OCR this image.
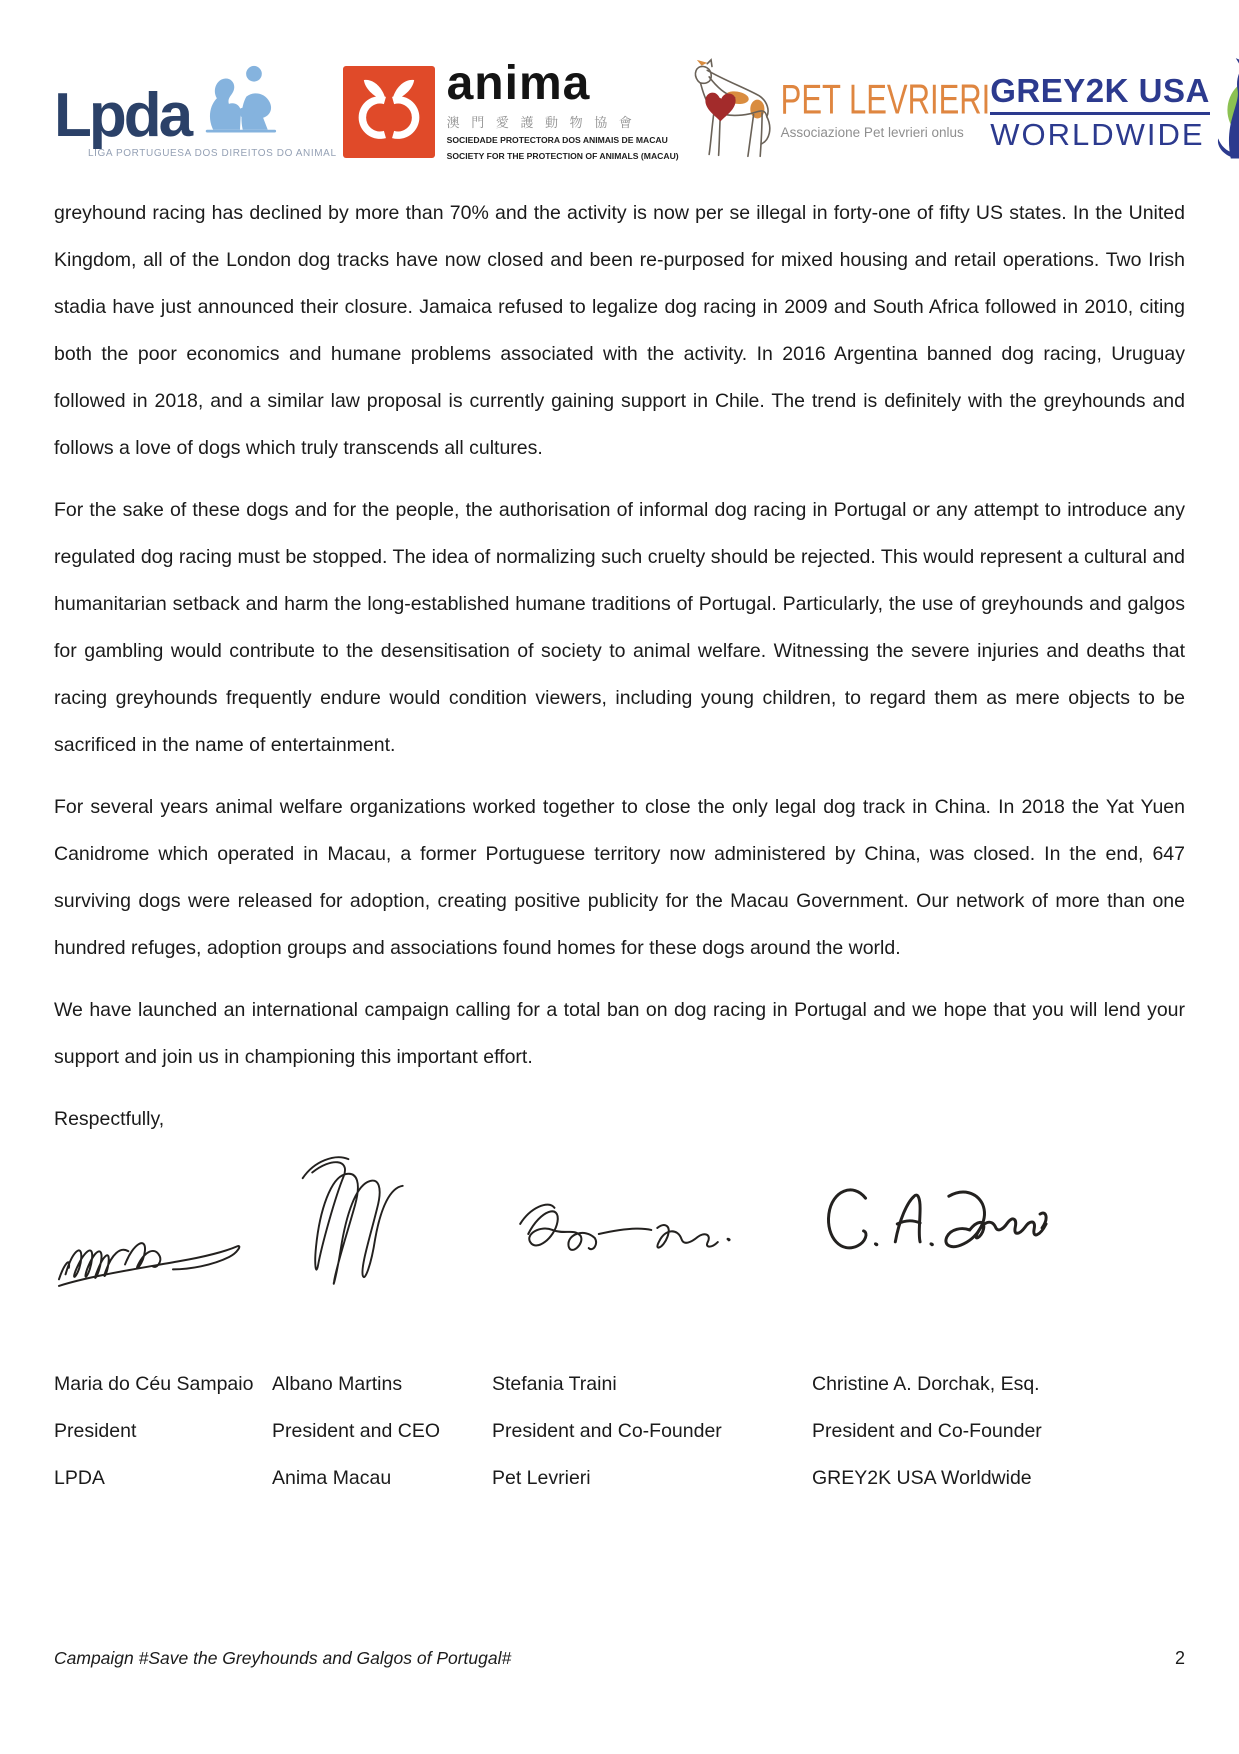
Lpda
LIGA PORTUGUESA DOS DIREITOS DO ANIMAL
anima
澳 門 愛 護 動 物 協 會
SOCIEDADE PROTECTORA DOS ANIMAIS DE MACAU
SOCIETY FOR THE PROTECTION OF ANIMALS (MACAU)
PET LEVRIERI
Associazione Pet levrieri onlus
GREY2K USA
WORLDWIDE

greyhound racing has declined by more than 70% and the activity is now per se illegal in forty-one of fifty US states. In the United Kingdom, all of the London dog tracks have now closed and been re-purposed for mixed housing and retail operations. Two Irish stadia have just announced their closure. Jamaica refused to legalize dog racing in 2009 and South Africa followed in 2010, citing both the poor economics and humane problems associated with the activity. In 2016 Argentina banned dog racing, Uruguay followed in 2018, and a similar law proposal is currently gaining support in Chile. The trend is definitely with the greyhounds and follows a love of dogs which truly transcends all cultures.

For the sake of these dogs and for the people, the authorisation of informal dog racing in Portugal or any attempt to introduce any regulated dog racing must be stopped. The idea of normalizing such cruelty should be rejected. This would represent a cultural and humanitarian setback and harm the long-established humane traditions of Portugal. Particularly, the use of greyhounds and galgos for gambling would contribute to the desensitisation of society to animal welfare. Witnessing the severe injuries and deaths that racing greyhounds frequently endure would condition viewers, including young children, to regard them as mere objects to be sacrificed in the name of entertainment.

For several years animal welfare organizations worked together to close the only legal dog track in China. In 2018 the Yat Yuen Canidrome which operated in Macau, a former Portuguese territory now administered by China, was closed. In the end, 647 surviving dogs were released for adoption, creating positive publicity for the Macau Government. Our network of more than one hundred refuges, adoption groups and associations found homes for these dogs around the world.

We have launched an international campaign calling for a total ban on dog racing in Portugal and we hope that you will lend your support and join us in championing this important effort.

Respectfully,

Maria do Céu Sampaio
President
LPDA
Albano Martins
President and CEO
Anima Macau
Stefania Traini
President and Co-Founder
Pet Levrieri
Christine A. Dorchak, Esq.
President and Co-Founder
GREY2K USA Worldwide
Campaign #Save the Greyhounds and Galgos of Portugal#	2
